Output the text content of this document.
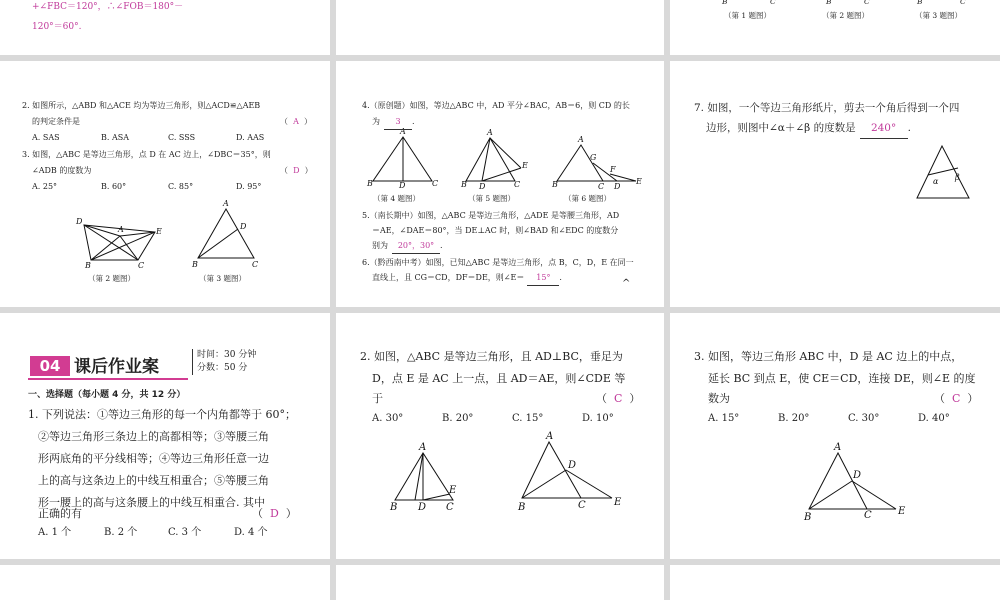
+∠FBC＝120°，∴∠FOB＝180°－
120°＝60°.
B	C	B	C	B	C
（第 1 题图）	（第 2 题图）	（第 3 题图）
2. 如图所示，△ABD 和△ACE 均为等边三角形，则△ACD≌△AEB
的判定条件是	（  A  ）
A. SAS	B. ASA	C. SSS	D. AAS
3. 如图，△ABC 是等边三角形，点 D 在 AC 边上，∠DBC＝35°，则
∠ADB 的度数为	（  D  ）
A. 25°	B. 60°	C. 85°	D. 95°
D
A	E
B	C
A
D
B	C
A
B	D	C
A
E
B D	C
A
G
F
B	C D
E	α β
A
E
B D C
A
D
B	C	E
A
D
B	C	E
（第 2 题图）	（第 3 题图）
4.（原创题）如图，等边△ABC 中，AD 平分∠BAC，AB＝6，则 CD 的长
为 3 .
（第 4 题图）	（第 5 题图）	（第 6 题图）
5.（南长期中）如图，△ABC 是等边三角形，△ADE 是等腰三角形，AD
＝AE，∠DAE＝80°，当 DE⊥AC 时，则∠BAD 和∠EDC 的度数分
别为 20°，30° .
6.（黔西南中考）如图，已知△ABC 是等边三角形，点 B，C，D，E 在同一
直线上，且 CG＝CD，DF＝DE，则∠E＝ 15° .
^
7. 如图，一个等边三角形纸片，剪去一个角后得到一个四
边形，则图中∠α＋∠β 的度数是 240° .
04 课后作业案
时间：30 分钟
分数：50 分
一、选择题（每小题 4 分，共 12 分）
1. 下列说法：①等边三角形的每一个内角都等于 60°；
②等边三角形三条边上的高都相等；③等腰三角
形两底角的平分线相等；④等边三角形任意一边
上的高与这条边上的中线互相重合；⑤等腰三角
形一腰上的高与这条腰上的中线互相重合. 其中
正确的有	（  D  ）
A. 1 个	B. 2 个	C. 3 个	D. 4 个
2. 如图，△ABC 是等边三角形，且 AD⊥BC，垂足为
D，点 E 是 AC 上一点，且 AD＝AE，则∠CDE 等
于	（  C  ）
A. 30°	B. 20°	C. 15°	D. 10°
3. 如图，等边三角形 ABC 中，D 是 AC 边上的中点，
延长 BC 到点 E，使 CE＝CD，连接 DE，则∠E 的度
数为	（  C  ）
A. 15°	B. 20°	C. 30°	D. 40°
